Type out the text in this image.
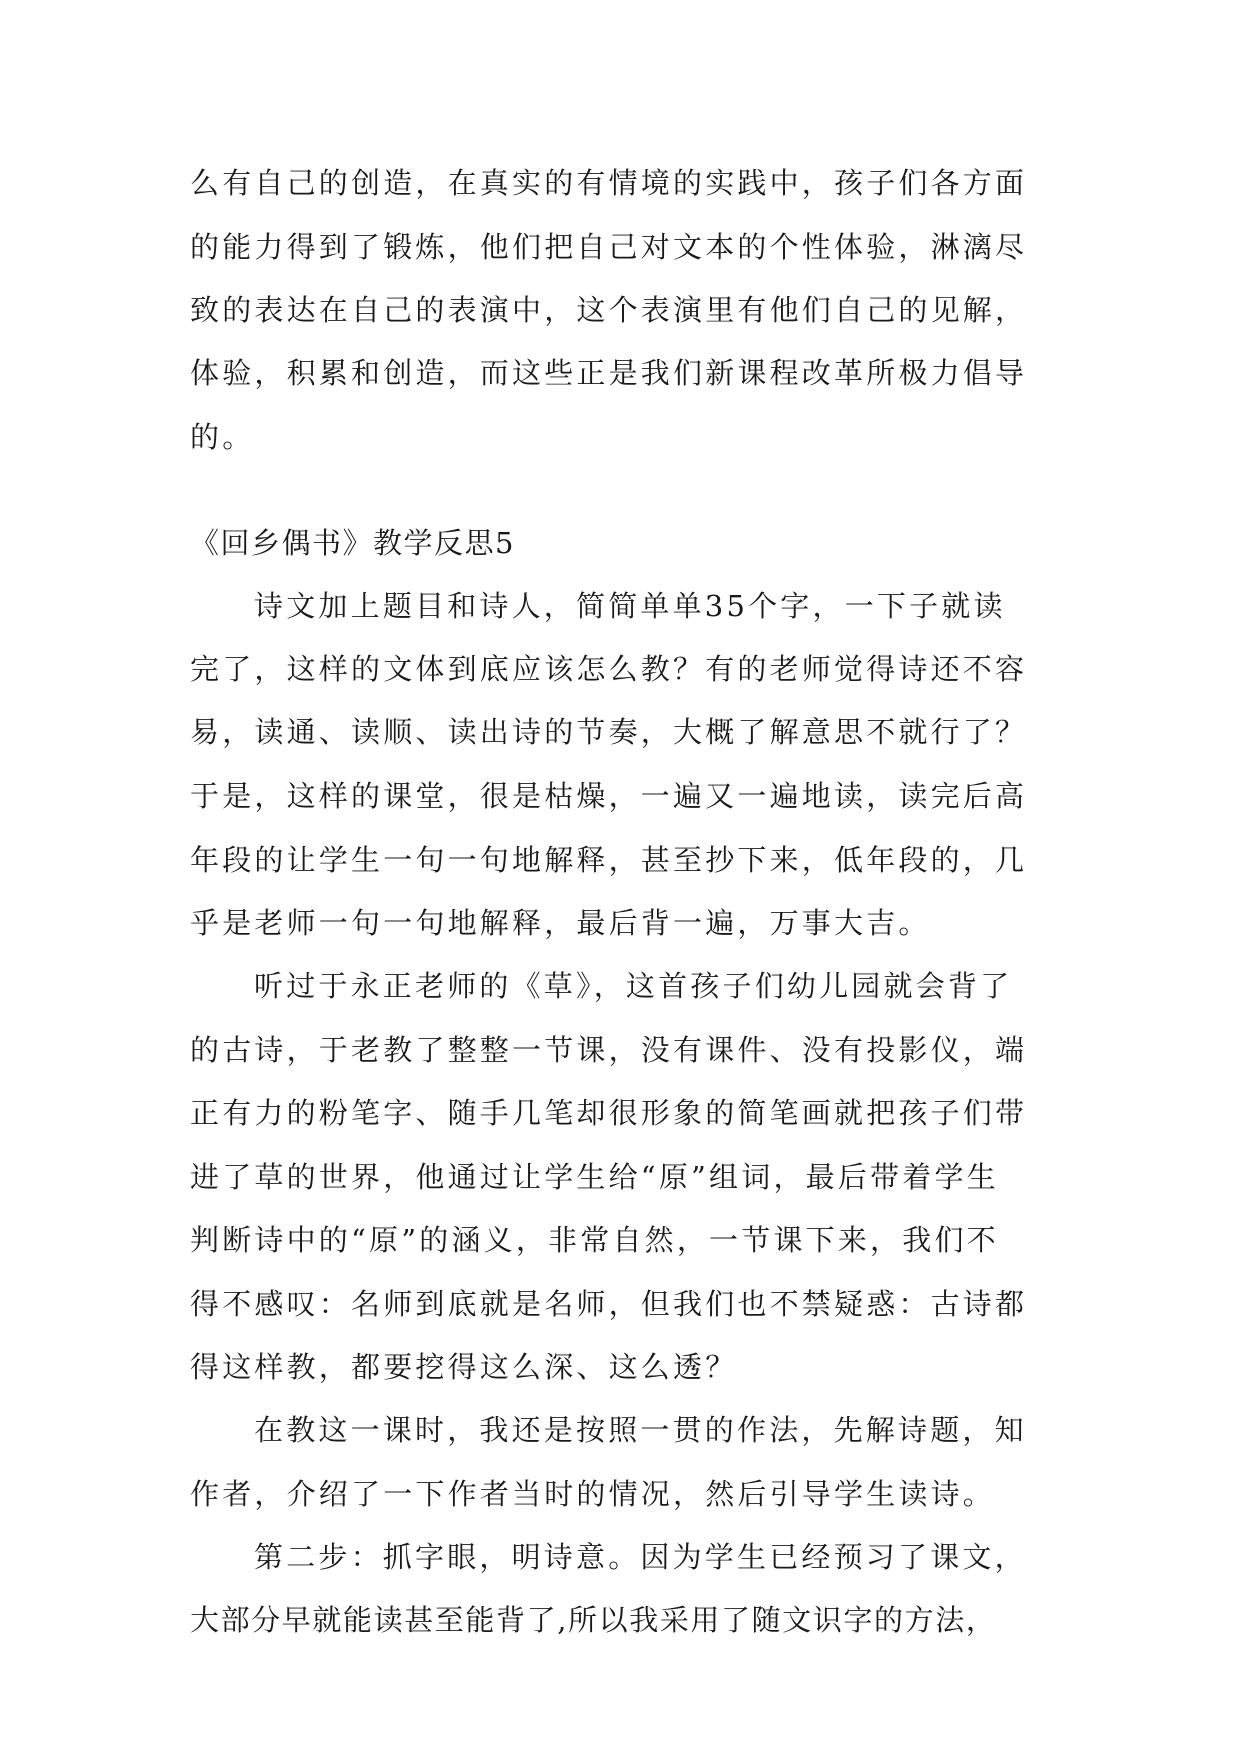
么有自己的创造，在真实的有情境的实践中，孩子们各方面
的能力得到了锻炼，他们把自己对文本的个性体验，淋漓尽
致的表达在自己的表演中，这个表演里有他们自己的见解，
体验，积累和创造，而这些正是我们新课程改革所极力倡导
的。
《回乡偶书》教学反思5
诗文加上题目和诗人，简简单单35个字，一下子就读
完了，这样的文体到底应该怎么教？有的老师觉得诗还不容
易，读通、读顺、读出诗的节奏，大概了解意思不就行了？
于是，这样的课堂，很是枯燥，一遍又一遍地读，读完后高
年段的让学生一句一句地解释，甚至抄下来，低年段的，几
乎是老师一句一句地解释，最后背一遍，万事大吉。
听过于永正老师的《草》，这首孩子们幼儿园就会背了
的古诗，于老教了整整一节课，没有课件、没有投影仪，端
正有力的粉笔字、随手几笔却很形象的简笔画就把孩子们带
进了草的世界，他通过让学生给“原”组词，最后带着学生
判断诗中的“原”的涵义，非常自然，一节课下来，我们不
得不感叹：名师到底就是名师，但我们也不禁疑惑：古诗都
得这样教，都要挖得这么深、这么透？
在教这一课时，我还是按照一贯的作法，先解诗题，知
作者，介绍了一下作者当时的情况，然后引导学生读诗。
第二步：抓字眼，明诗意。因为学生已经预习了课文，
大部分早就能读甚至能背了,所以我采用了随文识字的方法，
